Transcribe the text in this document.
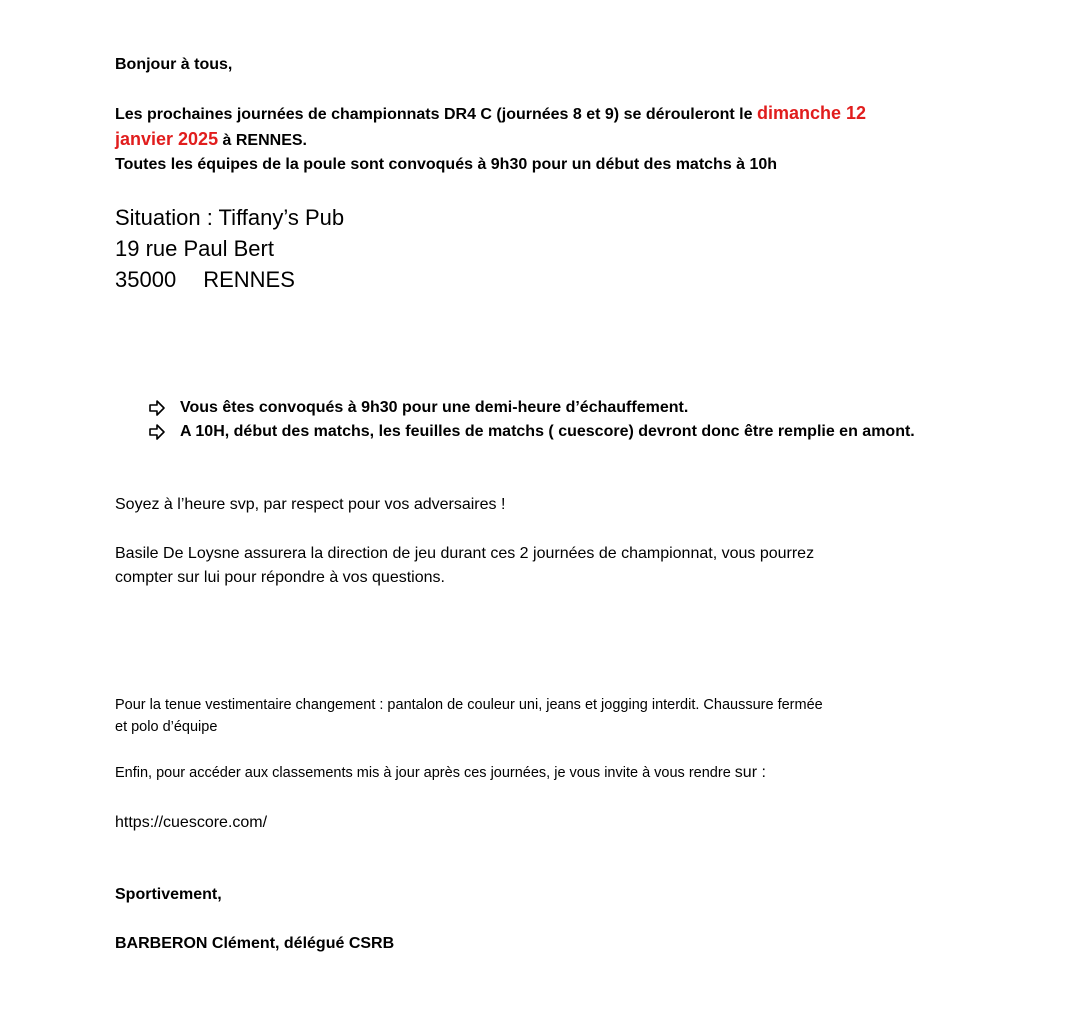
Bonjour à tous,

Les prochaines journées de championnats DR4 C (journées 8 et 9) se dérouleront le dimanche 12

janvier 2025 à RENNES.

Toutes les équipes de la poule sont convoqués à 9h30 pour un début des matchs à 10h

Situation : Tiffany’s Pub

19 rue Paul Bert

35000 RENNES

Vous êtes convoqués à 9h30 pour une demi-heure d’échauffement.
A 10H, début des matchs, les feuilles de matchs ( cuescore) devront donc être remplie en amont.

Soyez à l’heure svp, par respect pour vos adversaires !

Basile De Loysne assurera la direction de jeu durant ces 2 journées de championnat, vous pourrez

compter sur lui pour répondre à vos questions.

Pour la tenue vestimentaire changement : pantalon de couleur uni, jeans et jogging interdit. Chaussure fermée

et polo d’équipe

Enfin, pour accéder aux classements mis à jour après ces journées, je vous invite à vous rendre sur :

https://cuescore.com/

Sportivement,

BARBERON Clément, délégué CSRB
